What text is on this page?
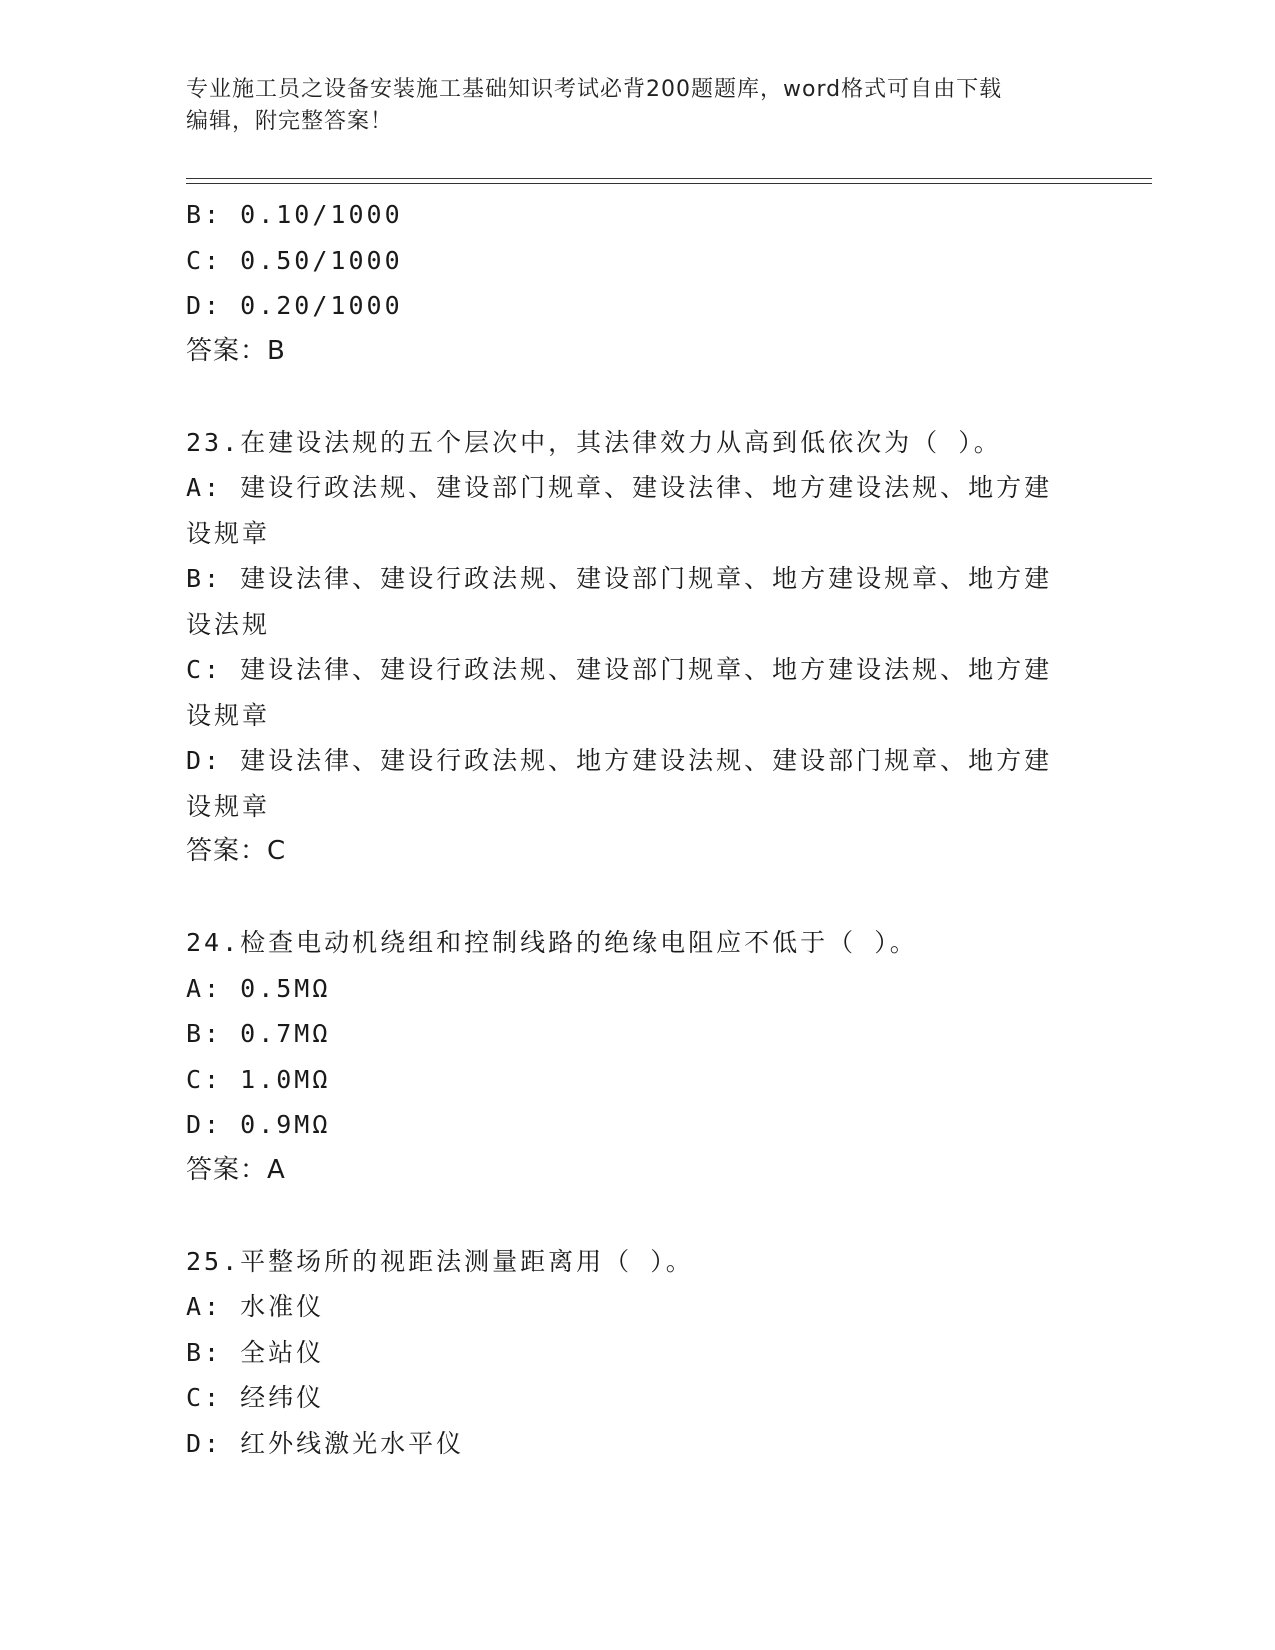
专业施工员之设备安装施工基础知识考试必背200题题库，word格式可自由下载
编辑，附完整答案！
B: 0.10/1000
C: 0.50/1000
D: 0.20/1000
答案：B
23.在建设法规的五个层次中，其法律效力从高到低依次为（ ）。
A: 建设行政法规、建设部门规章、建设法律、地方建设法规、地方建
设规章
B: 建设法律、建设行政法规、建设部门规章、地方建设规章、地方建
设法规
C: 建设法律、建设行政法规、建设部门规章、地方建设法规、地方建
设规章
D: 建设法律、建设行政法规、地方建设法规、建设部门规章、地方建
设规章
答案：C
24.检查电动机绕组和控制线路的绝缘电阻应不低于（ ）。
A: 0.5MΩ
B: 0.7MΩ
C: 1.0MΩ
D: 0.9MΩ
答案：A
25.平整场所的视距法测量距离用（ ）。
A: 水准仪
B: 全站仪
C: 经纬仪
D: 红外线激光水平仪
